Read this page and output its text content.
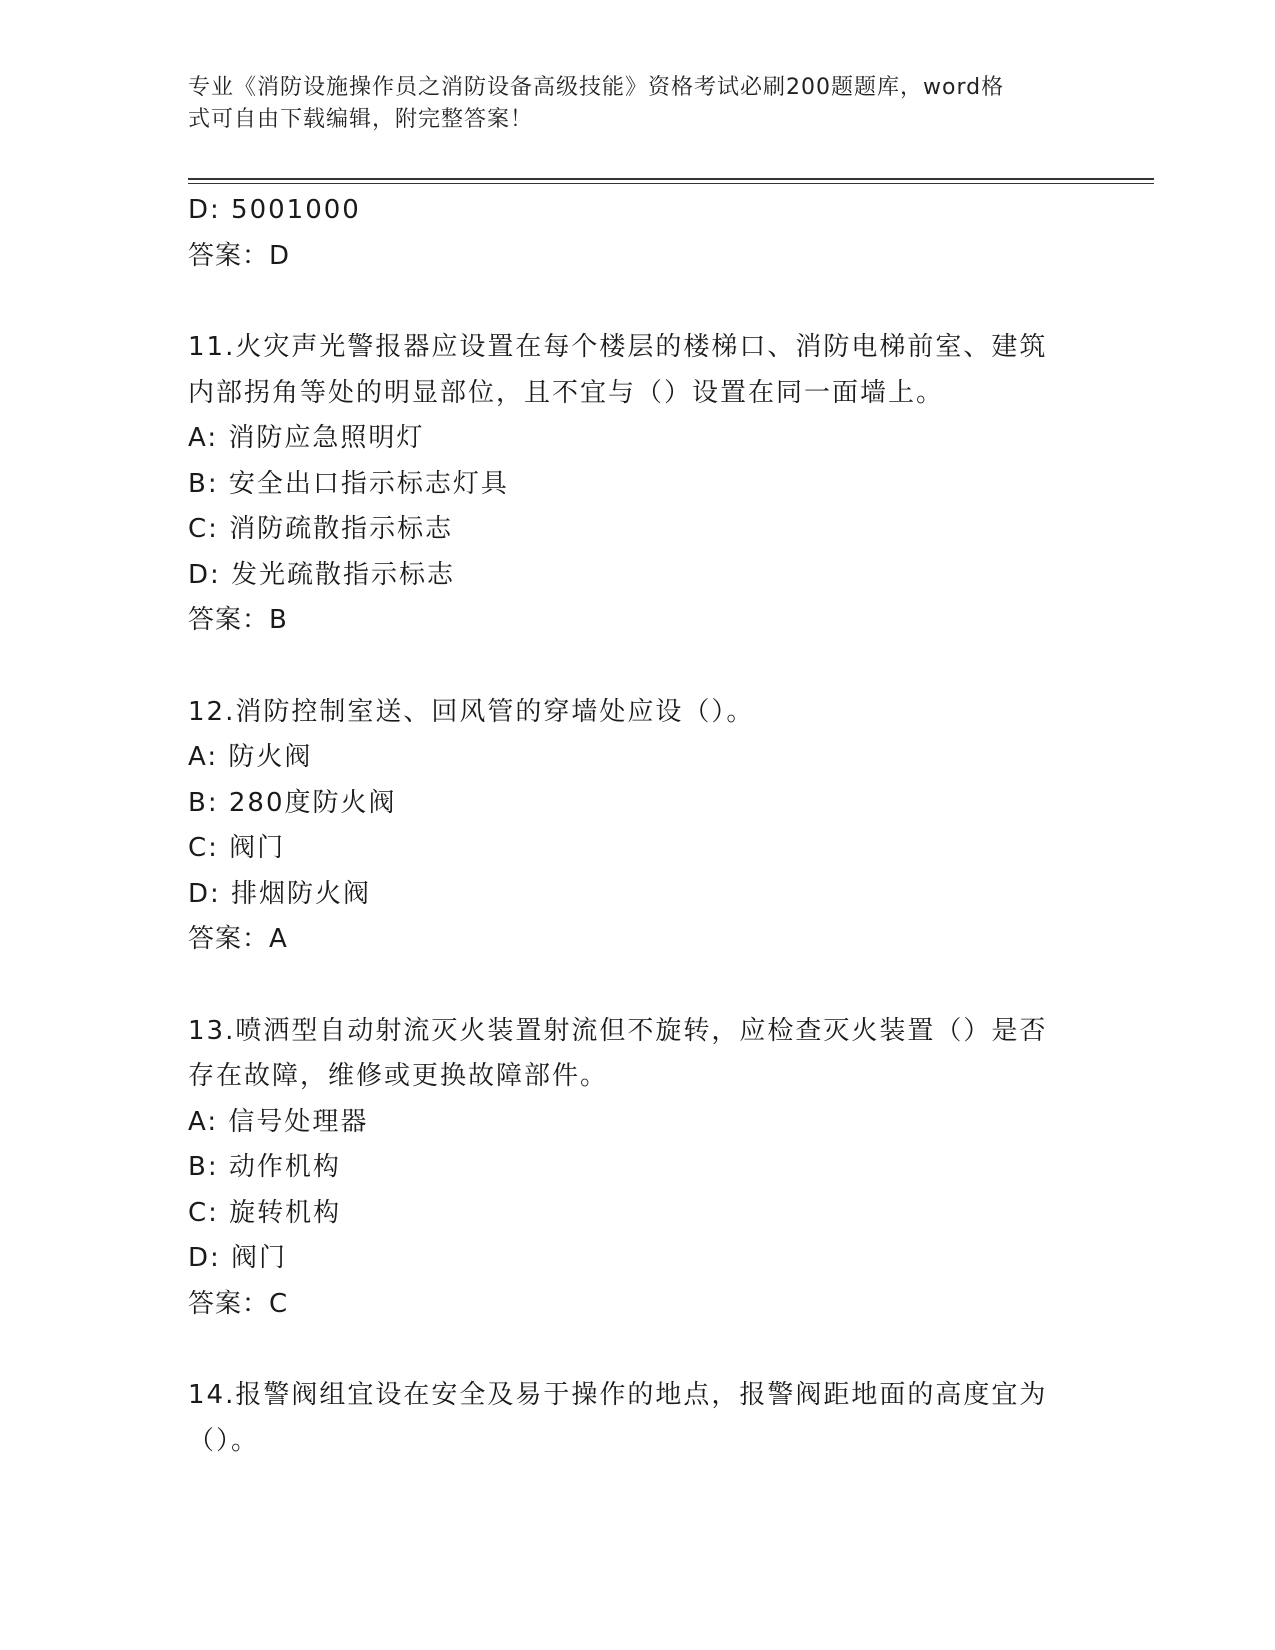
专业《消防设施操作员之消防设备高级技能》资格考试必刷200题题库，word格
式可自由下载编辑，附完整答案！
D: 5001000
答案：D
11.火灾声光警报器应设置在每个楼层的楼梯口、消防电梯前室、建筑
内部拐角等处的明显部位，且不宜与（）设置在同一面墙上。
A: 消防应急照明灯
B: 安全出口指示标志灯具
C: 消防疏散指示标志
D: 发光疏散指示标志
答案：B
12.消防控制室送、回风管的穿墙处应设（）。
A: 防火阀
B: 280度防火阀
C: 阀门
D: 排烟防火阀
答案：A
13.喷洒型自动射流灭火装置射流但不旋转，应检查灭火装置（）是否
存在故障，维修或更换故障部件。
A: 信号处理器
B: 动作机构
C: 旋转机构
D: 阀门
答案：C
14.报警阀组宜设在安全及易于操作的地点，报警阀距地面的高度宜为
（）。
